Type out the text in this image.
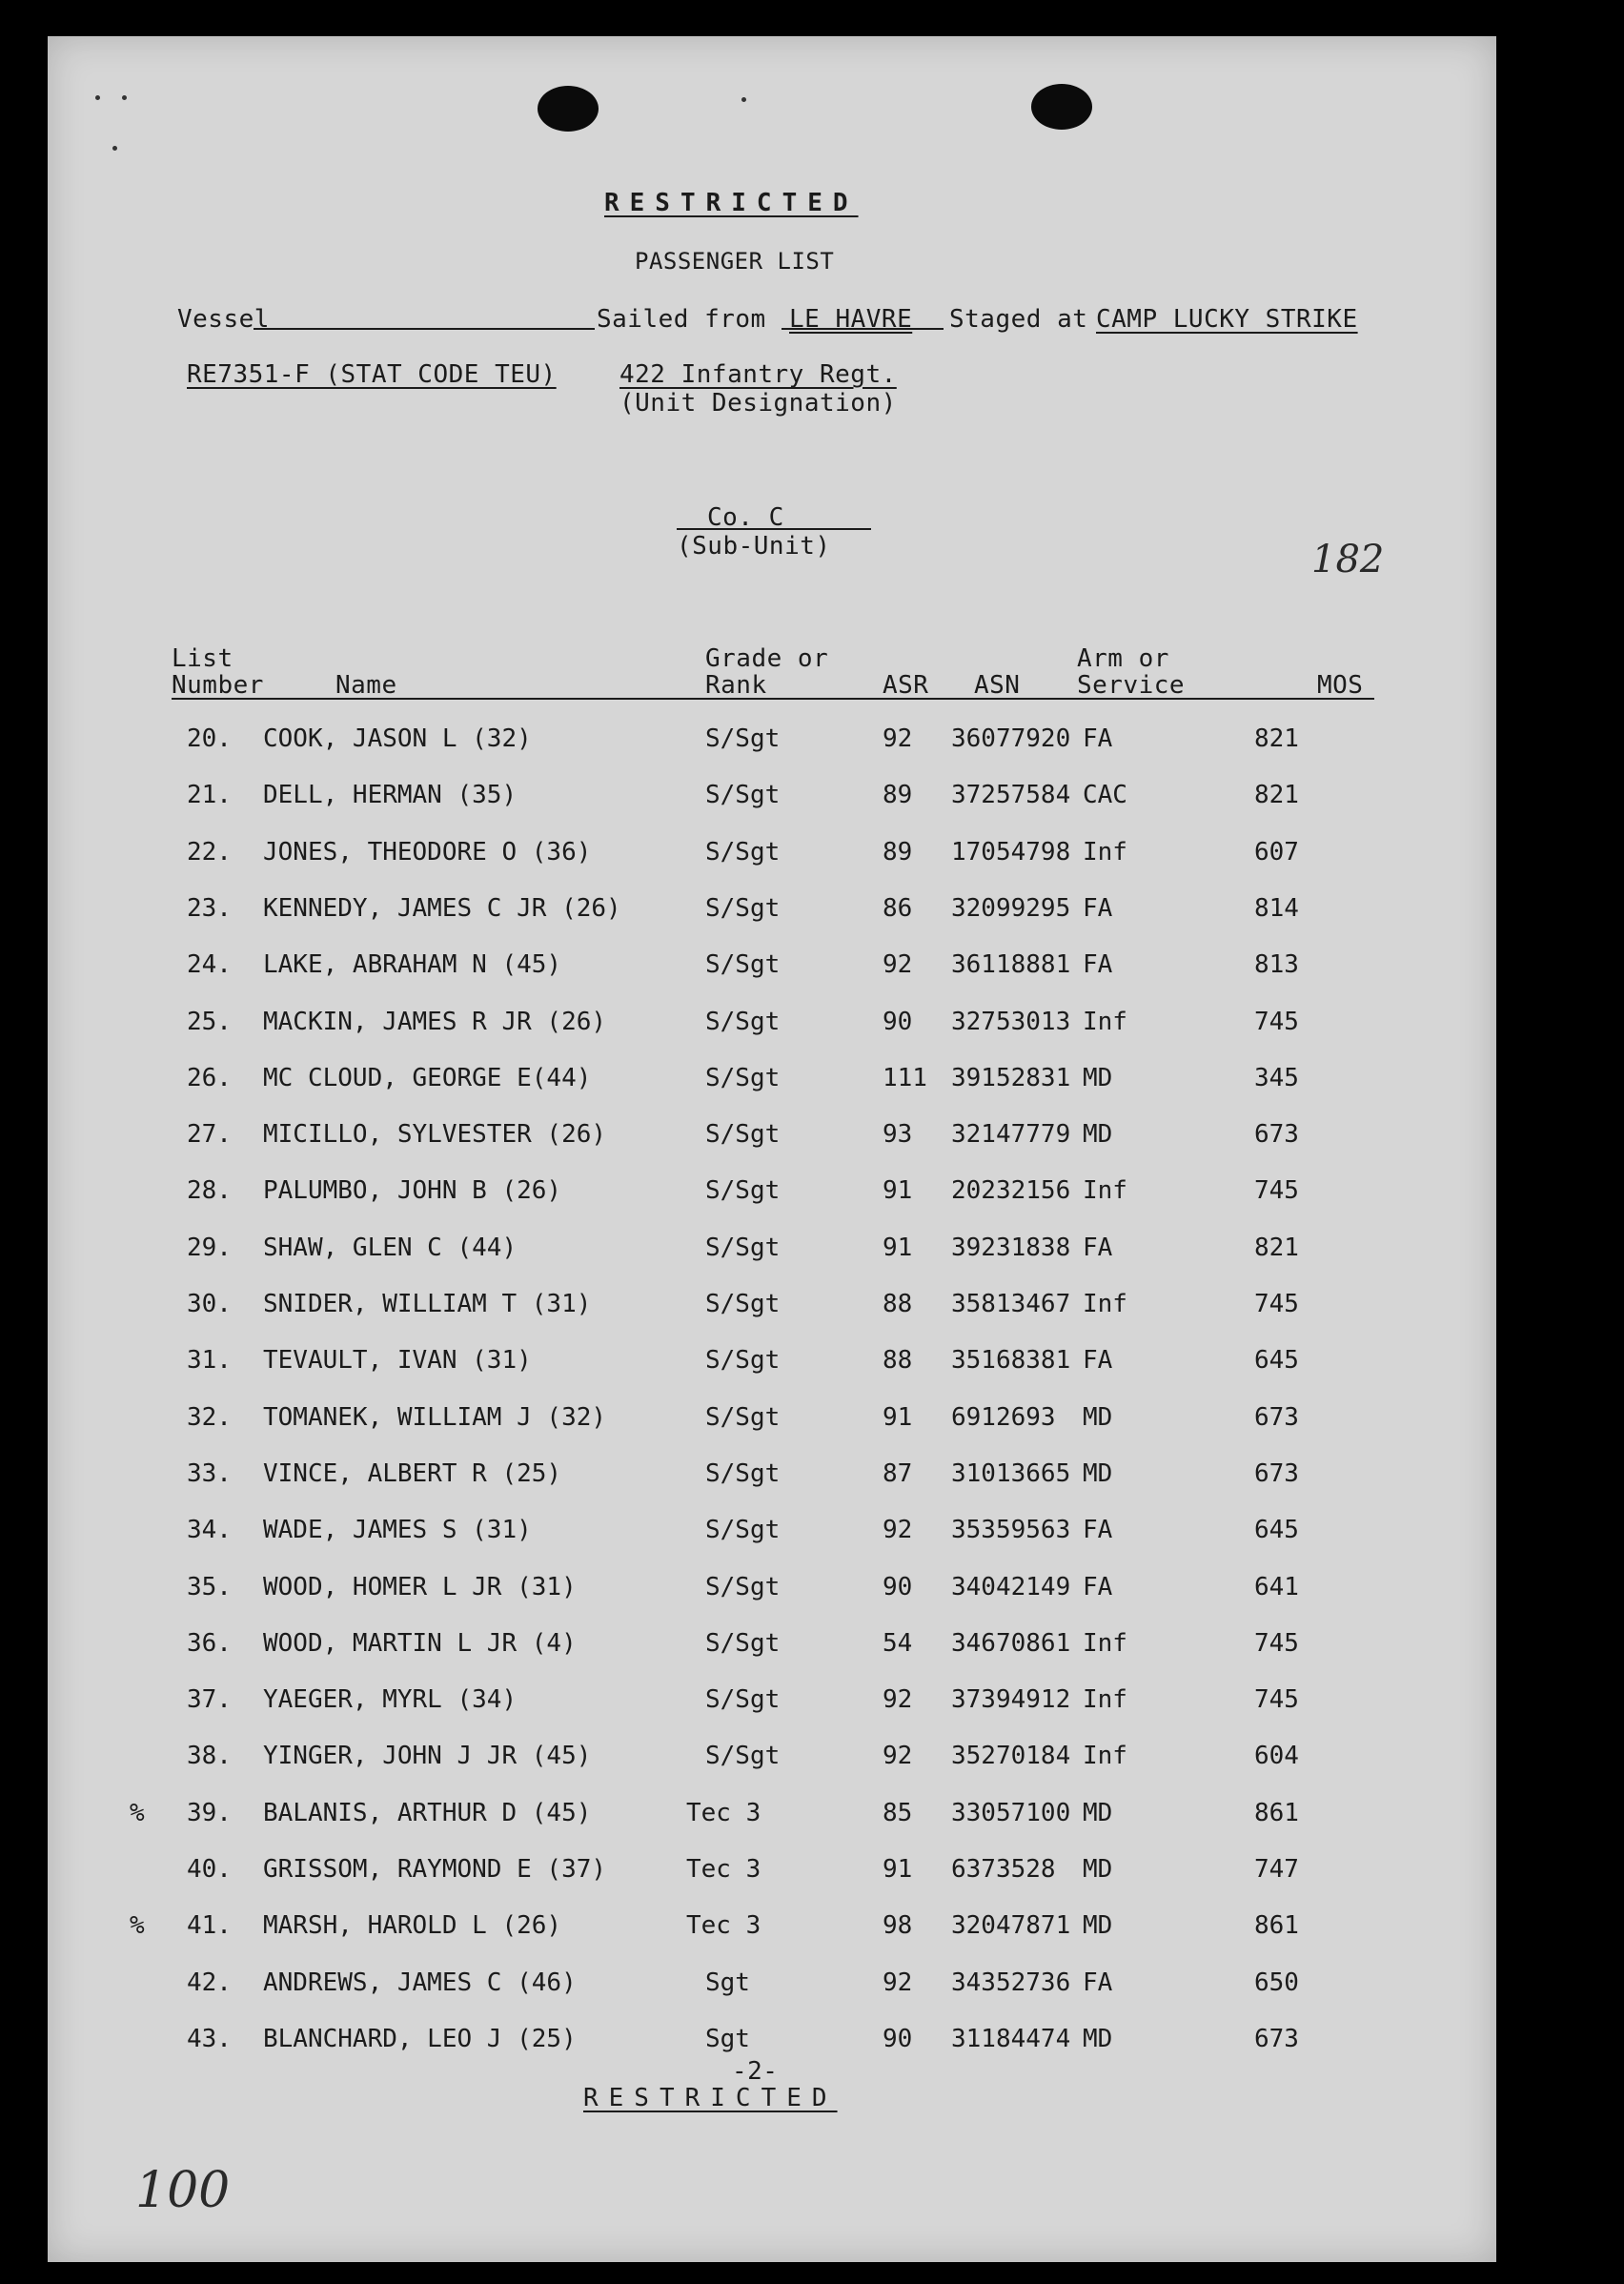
RESTRICTED
PASSENGER LIST
Vessel	Sailed from LE HAVRE Staged at CAMP LUCKY STRIKE
RE7351-F (STAT CODE TEU)	422 Infantry Regt.
(Unit Designation)
Co. C
(Sub-Unit)	182
List
Number	Name
Grade or
Rank	ASR ASN
Arm or
Service	MOS
20. COOK, JASON L (32)	S/Sgt	92 36077920 FA	821
21. DELL, HERMAN (35)	S/Sgt	89 37257584 CAC	821
22. JONES, THEODORE O (36)	S/Sgt	89 17054798 Inf	607
23. KENNEDY, JAMES C JR (26)	S/Sgt	86 32099295 FA	814
24. LAKE, ABRAHAM N (45)	S/Sgt	92 36118881 FA	813
25. MACKIN, JAMES R JR (26)	S/Sgt	90 32753013 Inf	745
26. MC CLOUD, GEORGE E(44)	S/Sgt	111 39152831 MD	345
27. MICILLO, SYLVESTER (26)	S/Sgt	93 32147779 MD	673
28. PALUMBO, JOHN B (26)	S/Sgt	91 20232156 Inf	745
29. SHAW, GLEN C (44)	S/Sgt	91 39231838 FA	821
30. SNIDER, WILLIAM T (31)	S/Sgt	88 35813467 Inf	745
31. TEVAULT, IVAN (31)	S/Sgt	88 35168381 FA	645
32. TOMANEK, WILLIAM J (32)	S/Sgt	91 6912693 MD	673
33. VINCE, ALBERT R (25)	S/Sgt	87 31013665 MD	673
34. WADE, JAMES S (31)	S/Sgt	92 35359563 FA	645
35. WOOD, HOMER L JR (31)	S/Sgt	90 34042149 FA	641
36. WOOD, MARTIN L JR (4)	S/Sgt	54 34670861 Inf	745
37. YAEGER, MYRL (34)	S/Sgt	92 37394912 Inf	745
38. YINGER, JOHN J JR (45)	S/Sgt	92 35270184 Inf	604
% 39. BALANIS, ARTHUR D (45)	Tec 3	85 33057100 MD	861
40. GRISSOM, RAYMOND E (37)	Tec 3	91 6373528 MD	747
% 41. MARSH, HAROLD L (26)	Tec 3	98 32047871 MD	861
42. ANDREWS, JAMES C (46)	Sgt	92 34352736 FA	650
43. BLANCHARD, LEO J (25)	Sgt	90 31184474 MD	673
-2-
RESTRICTED
100
